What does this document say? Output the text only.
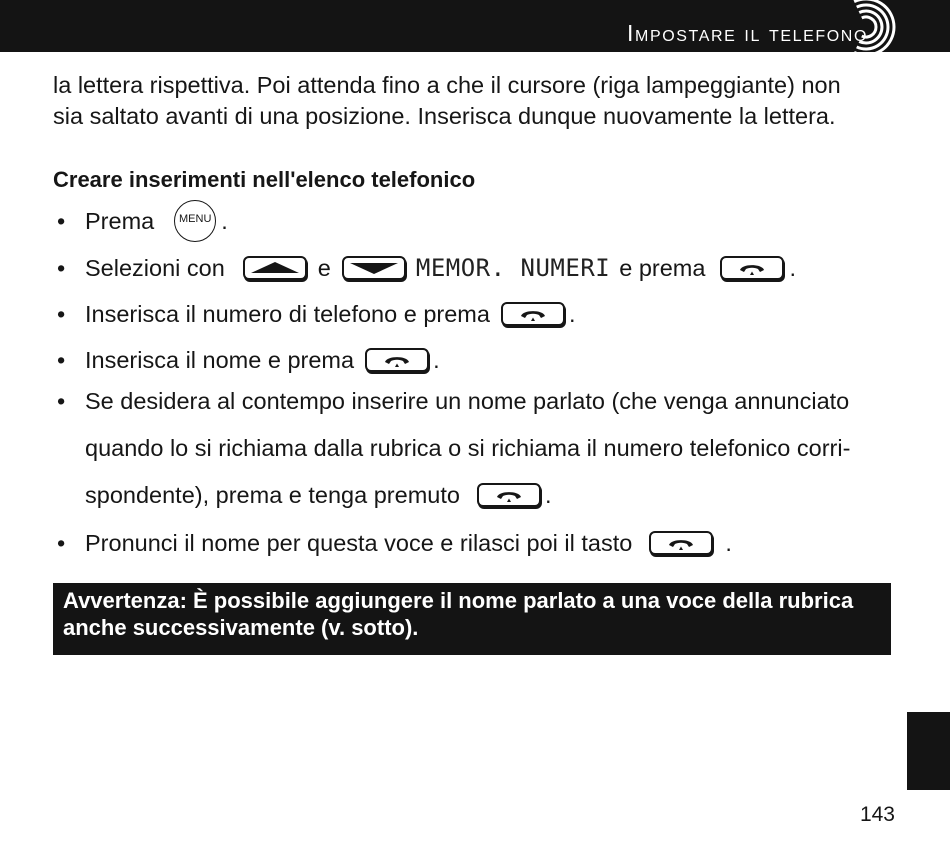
Impostare il telefono
la lettera rispettiva. Poi attenda fino a che il cursore (riga lampeggiante) non
sia saltato avanti di una posizione. Inserisca dunque nuovamente la lettera.
Creare inserimenti nell'elenco telefonico
• Prema MENU .
• Selezioni con	e	MEMOR. NUMERI e prema	.
• Inserisca il numero di telefono e prema	.
• Inserisca il nome e prema	.
• Se desidera al contempo inserire un nome parlato (che venga annunciato
quando lo si richiama dalla rubrica o si richiama il numero telefonico corri-
spondente), prema e tenga premuto	.
• Pronunci il nome per questa voce e rilasci poi il tasto	.
Avvertenza: È possibile aggiungere il nome parlato a una voce della rubrica
anche successivamente (v. sotto).
143
